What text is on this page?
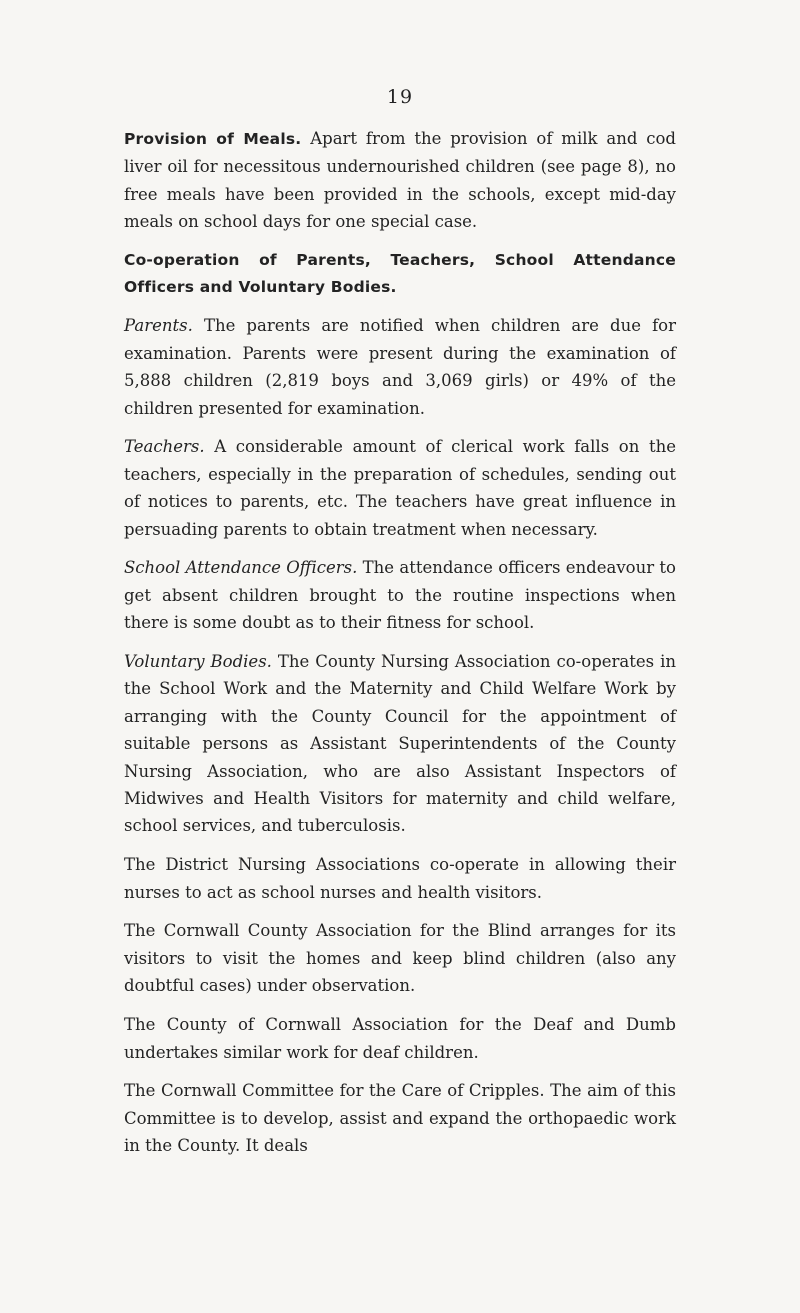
19

Provision of Meals. Apart from the provision of milk and cod liver oil for necessitous undernourished children (see page 8), no free meals have been provided in the schools, except mid-day meals on school days for one special case.

Co-operation of Parents, Teachers, School Attendance Officers and Voluntary Bodies.

Parents. The parents are notified when children are due for examination. Parents were present during the examination of 5,888 children (2,819 boys and 3,069 girls) or 49% of the children presented for examination.

Teachers. A considerable amount of clerical work falls on the teachers, especially in the preparation of schedules, sending out of notices to parents, etc. The teachers have great influence in persuading parents to obtain treatment when necessary.

School Attendance Officers. The attendance officers endeavour to get absent children brought to the routine inspections when there is some doubt as to their fitness for school.

Voluntary Bodies. The County Nursing Association co-operates in the School Work and the Maternity and Child Welfare Work by arranging with the County Council for the appointment of suitable persons as Assistant Superintendents of the County Nursing Association, who are also Assistant Inspectors of Midwives and Health Visitors for maternity and child welfare, school services, and tuberculosis.

The District Nursing Associations co-operate in allowing their nurses to act as school nurses and health visitors.

The Cornwall County Association for the Blind arranges for its visitors to visit the homes and keep blind children (also any doubtful cases) under observation.

The County of Cornwall Association for the Deaf and Dumb undertakes similar work for deaf children.

The Cornwall Committee for the Care of Cripples. The aim of this Committee is to develop, assist and expand the orthopaedic work in the County. It deals
